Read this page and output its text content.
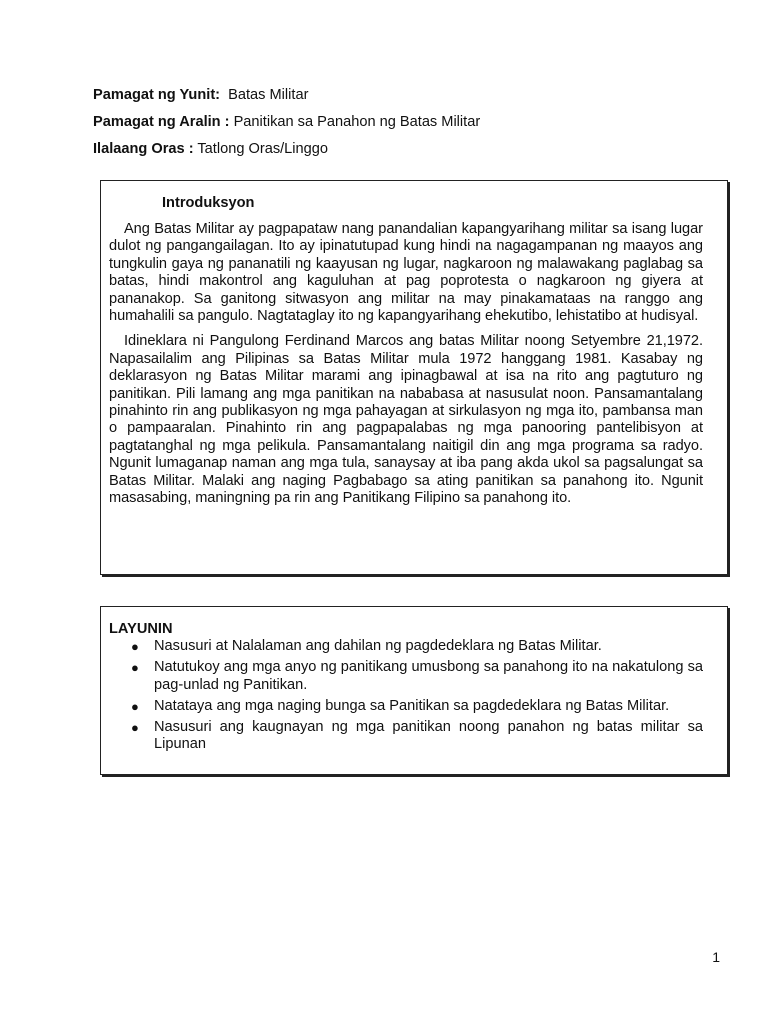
Pamagat ng Yunit: Batas Militar
Pamagat ng Aralin : Panitikan sa Panahon ng Batas Militar
Ilalaang Oras : Tatlong Oras/Linggo
Introduksyon

Ang Batas Militar ay pagpapataw nang panandalian kapangyarihang militar sa isang lugar dulot ng pangangailagan. Ito ay ipinatutupad kung hindi na nagagampanan ng maayos ang tungkulin gaya ng pananatili ng kaayusan ng lugar, nagkaroon ng malawakang paglabag sa batas, hindi makontrol ang kaguluhan at pag poprotesta o nagkaroon ng giyera at pananakop. Sa ganitong sitwasyon ang militar na may pinakamataas na ranggo ang humahalili sa pangulo. Nagtataglay ito ng kapangyarihang ehekutibo, lehistatibo at hudisyal.

Idineklara ni Pangulong Ferdinand Marcos ang batas Militar noong Setyembre 21,1972. Napasailalim ang Pilipinas sa Batas Militar mula 1972 hanggang 1981. Kasabay ng deklarasyon ng Batas Militar marami ang ipinagbawal at isa na rito ang pagtuturo ng panitikan. Pili lamang ang mga panitikan na nababasa at nasusulat noon. Pansamantalang pinahinto rin ang publikasyon ng mga pahayagan at sirkulasyon ng mga ito, pambansa man o pampaaralan. Pinahinto rin ang pagpapalabas ng mga panooring pantelibisyon at pagtatanghal ng mga pelikula. Pansamantalang naitigil din ang mga programa sa radyo. Ngunit lumaganap naman ang mga tula, sanaysay at iba pang akda ukol sa pagsalungat sa Batas Militar. Malaki ang naging Pagbabago sa ating panitikan sa panahong ito. Ngunit masasabing, maningning pa rin ang Panitikang Filipino sa panahong ito.

LAYUNIN
● Nasusuri at Nalalaman ang dahilan ng pagdedeklara ng Batas Militar.
● Natutukoy ang mga anyo ng panitikang umusbong sa panahong ito na nakatulong sa pag-unlad ng Panitikan.
● Natataya ang mga naging bunga sa Panitikan sa pagdedeklara ng Batas Militar.
● Nasusuri ang kaugnayan ng mga panitikan noong panahon ng batas militar sa Lipunan
1
